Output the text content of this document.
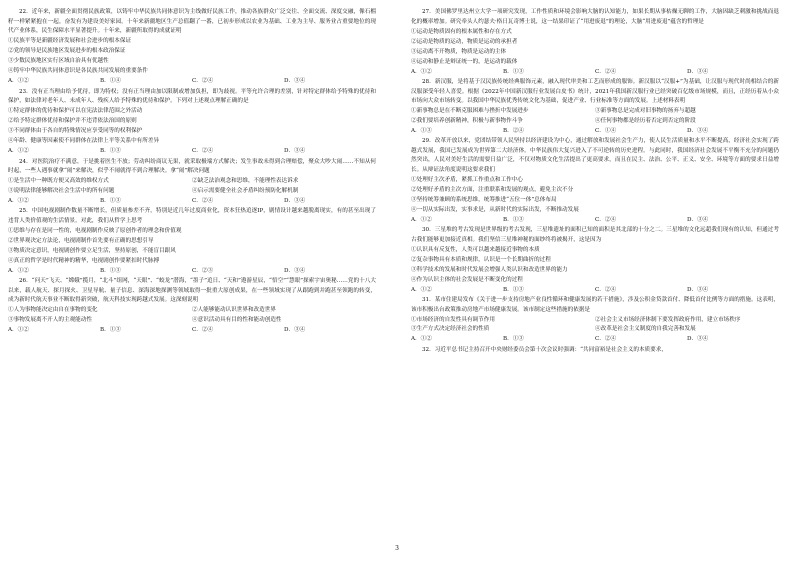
22．近年来，新疆全面贯彻民族政策，以铸牢中华民族共同体意识为主线做好民族工作，推动各族群众广泛交往、全面交流、深度交融，像石榴籽一样紧紧抱在一起，奋发有为建设美好家园。十年来新疆地区生产总值翻了一番，已初步形成以农业为基础、工业为主导、服务业占重要地位的现代产业体系，民生保障水平显著提升。十年来，新疆所取得的成就证明

①民族平等是新疆经济发展和社会进步的根本保证
②党的领导是民族地区发展进步的根本政治保证
③少数民族地区实行区域自治具有优越性
④铸牢中华民族共同体意识是各民族共同发展的重要条件
A．①②	B．①④	C．②④	D．③④

23．没有正当理由给予优待，即为特权；没有正当理由加以限制或增加负担，即为歧视。平等允许合理的差别，针对特定群体给予特殊的优待和保护，如法律对老年人、未成年人、残疾人给予特殊的优待和保护。下列对上述观点理解正确的是

①特定群体的优待和保护可以在宪法法律范围之外活动
②给予特定群体优待和保护并不违背依法治国的原则
③不同群体由于各自的特殊情况应享受同等的权利保护
④年龄、健康等因素使不同群体在法律上平等关系中有所差异
A．①②	B．①③	C．②④	D．③④

24．对医院治疗不满意，于是挑着医生不放；劳动纠纷商议无果，就采取极端方式解决；发生事故未得到合理赔偿，聚众大吵大闹……不知从何时起，一些人遇事就拿“闹”来解决，似乎不闹就得不到合理解决。拿“闹”解决问题

①是生活中一种既方便又高效的维权方式	②缺乏法治观念和思维，不能理性表达诉求
③说明法律能够解决社会生活中的所有问题	④启示需要健全社会矛盾纠纷预防化解机制
A．①②	B．①③	C．②④	D．③④

25．中国电视剧制作数量不断增长，但质量参差不齐，特别是近几年过度商业化，资本狂热追逐IP，剧情设计越来越脱离现实，有的甚至出现了违背人类价值观的生活情景。对此，我们从哲学上思考

①思维与存在是同一性的，电视剧制作反映了原创作者的理念和价值观
②世界观决定方法论，电视剧制作首先要有正确的思想引导
③物质决定意识，电视剧创作要立足生活，坚持原创，不能盲目跟风
④真正的哲学是时代精神的精华，电视剧创作要紧扣时代脉搏
A．①②	B．①③	C．②③	D．③④

26．“问天”飞天、“嫦娥”揽月，“北斗”组网，“天眼”、“蛟龙”潜海，“墨子”追日、“天和”遨游星辰，“悟空”“慧眼”探索宇宙奥秘……党的十八大以来，载人航天、探月探火、卫星导航、量子信息、深海深地探测等领域取得一批重大原创成果，在一些领域实现了从跟跑到并跑甚至领跑的转变，成为新时代航天事业不断取得新突破，航天科技实现跨越式发展。这深刻说明

①人为事物能决定由自在事物的变化	②人能够能动认识世界和改造世界
③事物发展离不开人的主观能动性	④意识活动具有目的性和能动创造性
A．①②	B．①③	C．②④	D．③④

27．美国佛罗里达州立大学一项研究发现，工作性质和环境会影响大脑的认知能力，如果长期从事枯燥无聊的工作，大脑因缺乏刺激和挑战而退化的概率增加。研究牵头人约瑟夫·格日瓦奇博士说，这一结果印证了“用进废退”的理论，大脑“用进废退”蕴含的哲理是

①运动是物质固有的根本属性和存在方式
②运动是物质的运动，物质是运动的承担者
③运动离不开物质，物质是运动的主体
④运动和静止是辩证统一的，是运动的载体
A．①②	B．①③	C．②④	D．③④

28．新汉服，是将基于汉民族传统经典服饰元素，融入现代审美和工艺而形成的服饰。新汉服以“汉服+”为基础，让汉服与现代时尚相结合的新汉服深受年轻人喜爱。根据《2022年中国新汉服行业发展白皮书》统计，2021年我国新汉服行业已经突破百亿级市场规模，而且，正经历着从小众市场向大众市场转变。以我国中华民族优秀传统文化为基础，促进产业、行业标准等方面的发展。上述材料表明

①新事物总是在不断克服困难与挫折中发展进步	③新事物总是完成对旧事物的扬弃与超越
②我们要培养创新精神，积极与新事物作斗争	④任何事物都是经历着否定到否定的阶段
A．①③	B．②④	C．①④	D．③④

29．改革开放以来，党团结带领人民坚持以经济建设为中心，通过解放和发展社会生产力，使人民生活质量和水平不断提高，经济社会实现了跨越式发展，我国已发展成为世界第二大经济体。中华民族伟大复兴进入了不可逆转的历史进程。与此同时，我国经济社会发展不平衡不充分的问题仍然突出，人民对美好生活的需要日益广泛，不仅对物质文化生活提出了更高要求，而且在民主、法治、公平、正义、安全、环境等方面的要求日益增长。从辩证法角度说明这要求我们

①处理好主次矛盾，紧抓工作重点和工作中心
②处理好矛盾的主次方面，注重联系和发展的观点，避免主次不分
③坚持统筹兼顾的系统思维，统筹推进“五位一体”总体布局
④一切从实际出发，实事求是，从新时代的实际出发，不断推动发展
A．①②	B．①③	C．②④	D．③④

30．三星堆的考古发现是世界级的考古发现，三星堆遗址的面积已知的面积是其北部的十分之二。三星堆的文化远超我们现有的认知，但通过考古我们能够更加接近真相。我们坚信三星堆神秘的面纱终将被揭开，这是因为

①认识具有反复性，人类可以越来越接近事物的本质
②复杂事物具有本质和规律，认识是一个长期曲折的过程
③科学技术的发展和时代发展会增强人类认识和改造世界的能力
④作为认识主体的社会发展是不断变化的过程
A．①②	B．①③	C．②④	D．③④

31．某市住建局发布《关于进一步支持房地产业良性循环和健康发展的若干措施》，涉及公积金贷款首付、降低首付比例等方面的措施。这表明，该市积极出台政策推动房地产市场健康发展。该市制定这些措施的依据是

①市场经济的自发性具有调节作用	②社会主义市场经济体制下要发挥政府作用，建立市场秩序
③生产方式决定经济社会的性质	④改革是社会主义制度的自我完善和发展
A．①②	B．①③	C．②④	D．③④

32．习近平总书记主持召开中央财经委员会第十次会议时强调：“共同富裕是社会主义的本质要求，

3
